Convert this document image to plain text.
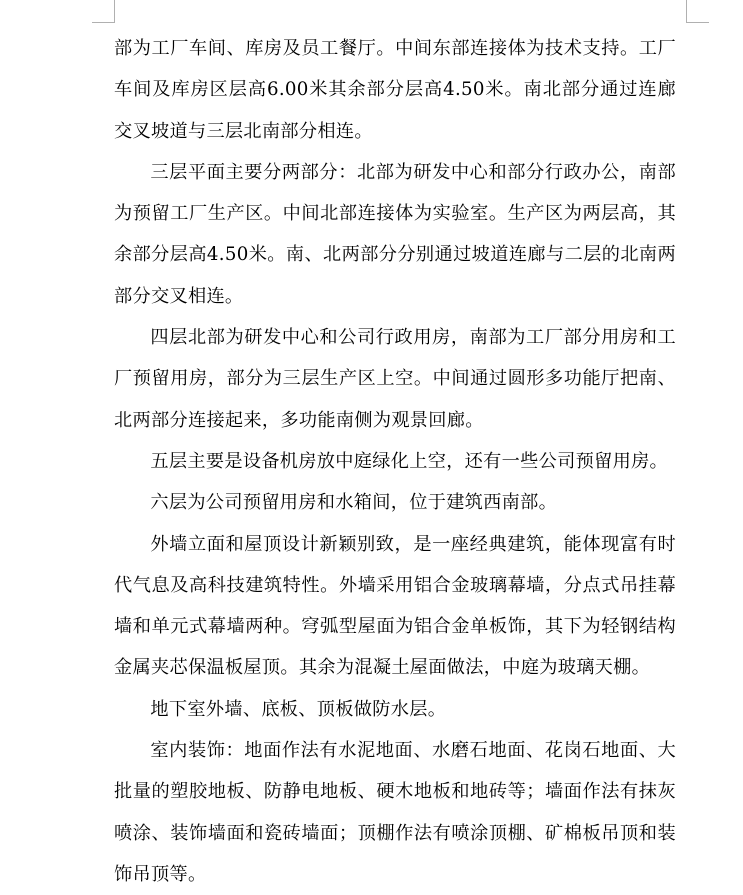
部为工厂车间、库房及员工餐厅。中间东部连接体为技术支持。工厂车间及库房区层高6.00米其余部分层高4.50米。南北部分通过连廊交叉坡道与三层北南部分相连。

三层平面主要分两部分：北部为研发中心和部分行政办公，南部为预留工厂生产区。中间北部连接体为实验室。生产区为两层高，其余部分层高4.50米。南、北两部分分别通过坡道连廊与二层的北南两部分交叉相连。

四层北部为研发中心和公司行政用房，南部为工厂部分用房和工厂预留用房，部分为三层生产区上空。中间通过圆形多功能厅把南、北两部分连接起来，多功能南侧为观景回廊。

五层主要是设备机房放中庭绿化上空，还有一些公司预留用房。

六层为公司预留用房和水箱间，位于建筑西南部。

外墙立面和屋顶设计新颖别致，是一座经典建筑，能体现富有时代气息及高科技建筑特性。外墙采用铝合金玻璃幕墙，分点式吊挂幕墙和单元式幕墙两种。穹弧型屋面为铝合金单板饰，其下为轻钢结构金属夹芯保温板屋顶。其余为混凝土屋面做法，中庭为玻璃天棚。

地下室外墙、底板、顶板做防水层。

室内装饰：地面作法有水泥地面、水磨石地面、花岗石地面、大批量的塑胶地板、防静电地板、硬木地板和地砖等；墙面作法有抹灰喷涂、装饰墙面和瓷砖墙面；顶棚作法有喷涂顶棚、矿棉板吊顶和装饰吊顶等。
